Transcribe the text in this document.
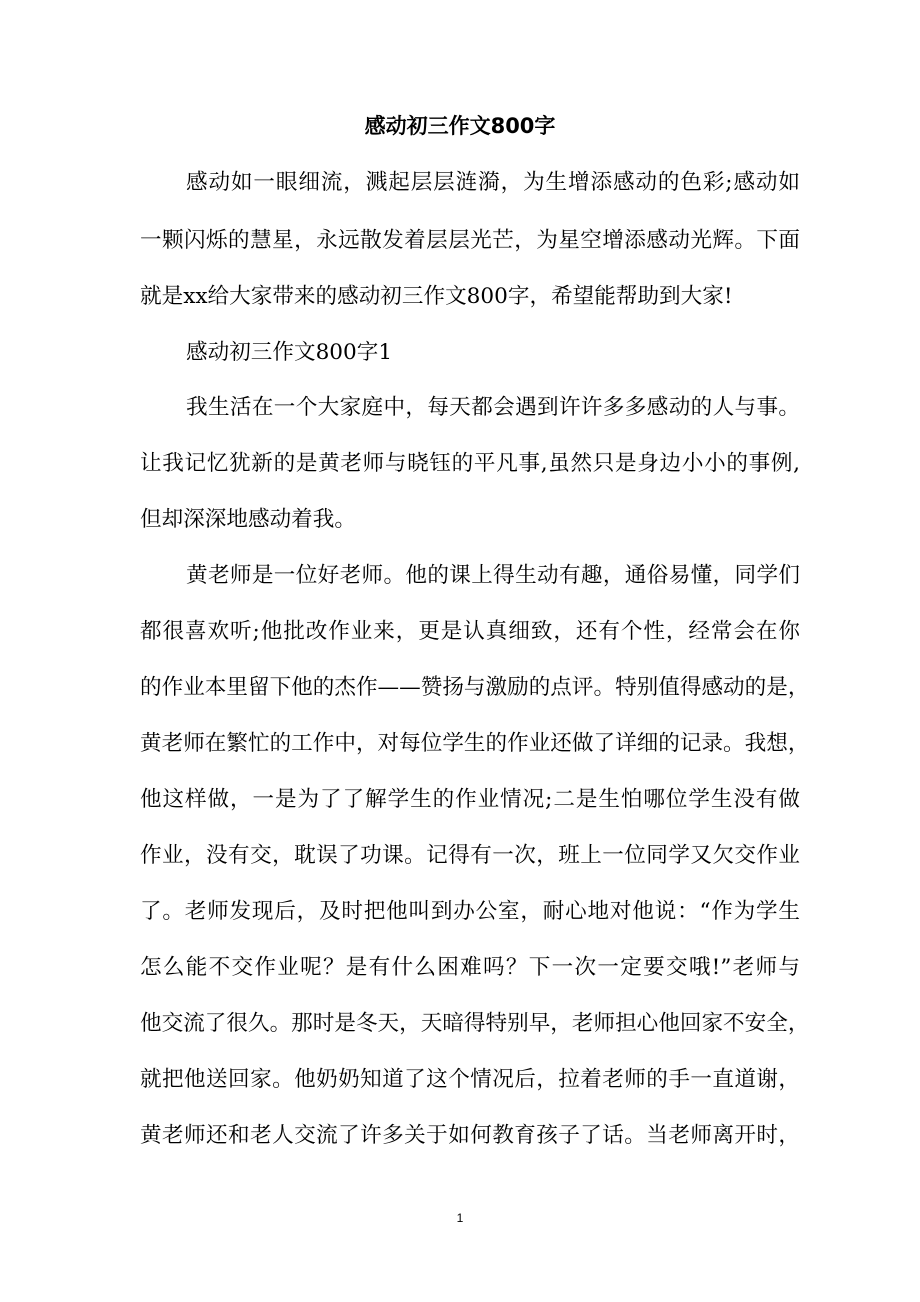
感动初三作文800字

感动如一眼细流，溅起层层涟漪，为生增添感动的色彩;感动如

一颗闪烁的慧星，永远散发着层层光芒，为星空增添感动光辉。下面

就是xx给大家带来的感动初三作文800字，希望能帮助到大家!

感动初三作文800字1

我生活在一个大家庭中，每天都会遇到许许多多感动的人与事。

让我记忆犹新的是黄老师与晓钰的平凡事,虽然只是身边小小的事例,

但却深深地感动着我。

黄老师是一位好老师。他的课上得生动有趣，通俗易懂，同学们

都很喜欢听;他批改作业来，更是认真细致，还有个性，经常会在你

的作业本里留下他的杰作——赞扬与激励的点评。特别值得感动的是，

黄老师在繁忙的工作中，对每位学生的作业还做了详细的记录。我想，

他这样做，一是为了了解学生的作业情况;二是生怕哪位学生没有做

作业，没有交，耽误了功课。记得有一次，班上一位同学又欠交作业

了。老师发现后，及时把他叫到办公室，耐心地对他说：“作为学生

怎么能不交作业呢？是有什么困难吗？下一次一定要交哦!”老师与

他交流了很久。那时是冬天，天暗得特别早，老师担心他回家不安全，

就把他送回家。他奶奶知道了这个情况后，拉着老师的手一直道谢，

黄老师还和老人交流了许多关于如何教育孩子了话。当老师离开时，

1
